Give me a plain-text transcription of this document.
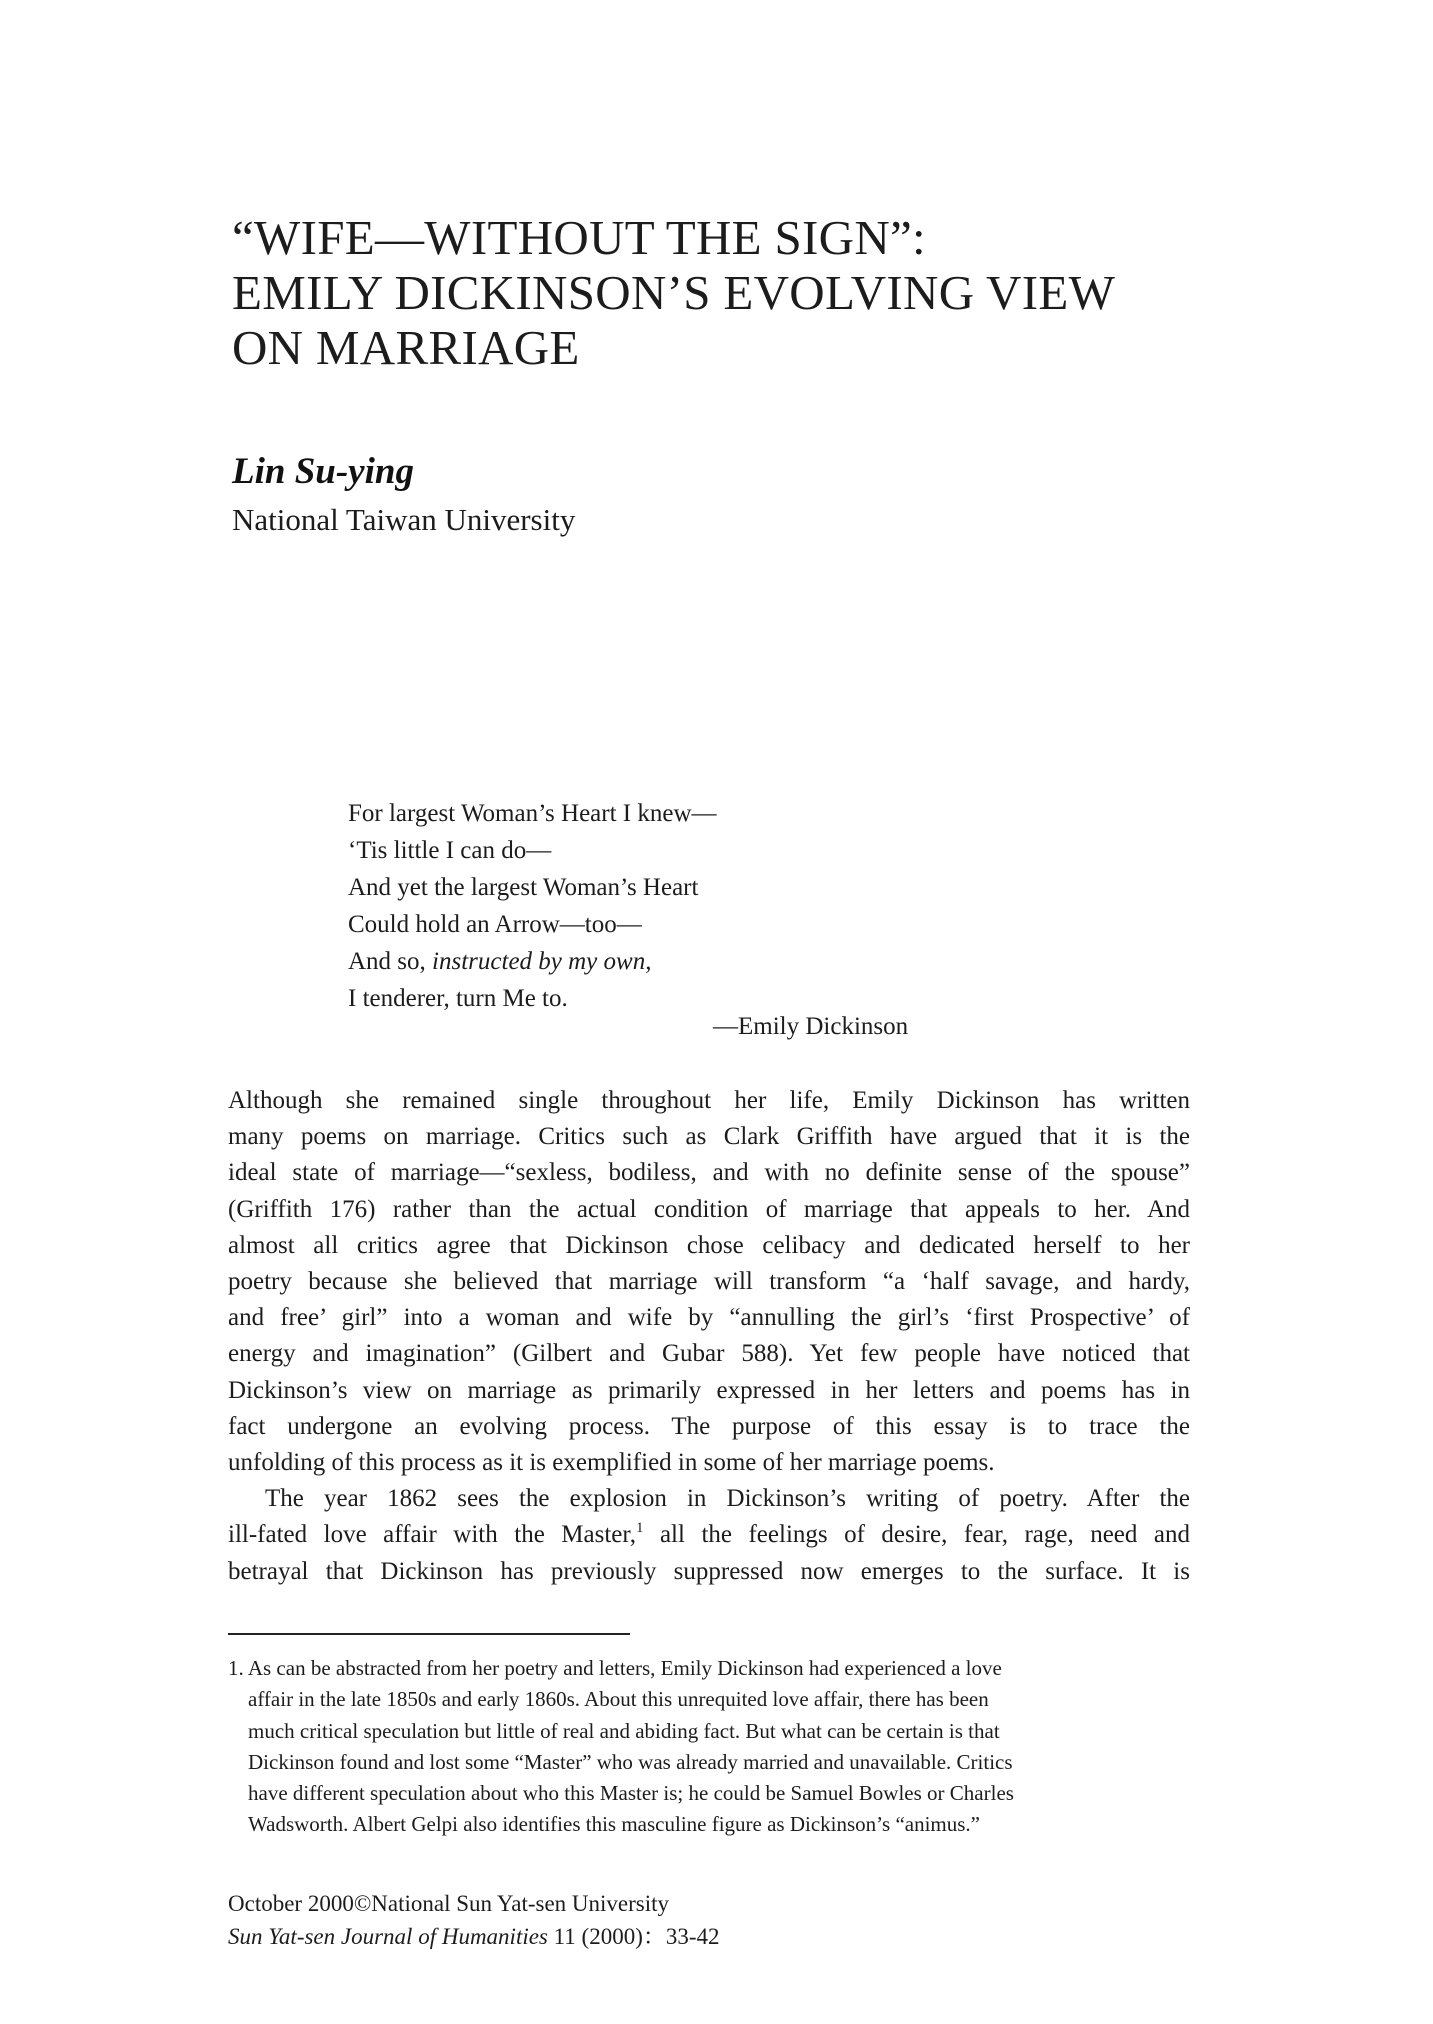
“WIFE—WITHOUT THE SIGN”:
EMILY DICKINSON’S EVOLVING VIEW
ON MARRIAGE
Lin Su-ying
National Taiwan University
For largest Woman’s Heart I knew—
‘Tis little I can do—
And yet the largest Woman’s Heart
Could hold an Arrow—too—
And so, instructed by my own,
I tenderer, turn Me to.
—Emily Dickinson
Although she remained single throughout her life, Emily Dickinson has written
many poems on marriage. Critics such as Clark Griffith have argued that it is the
ideal state of marriage—“sexless, bodiless, and with no definite sense of the spouse”
(Griffith 176) rather than the actual condition of marriage that appeals to her. And
almost all critics agree that Dickinson chose celibacy and dedicated herself to her
poetry because she believed that marriage will transform “a ‘half savage, and hardy,
and free’ girl” into a woman and wife by “annulling the girl’s ‘first Prospective’ of
energy and imagination” (Gilbert and Gubar 588). Yet few people have noticed that
Dickinson’s view on marriage as primarily expressed in her letters and poems has in
fact undergone an evolving process. The purpose of this essay is to trace the
unfolding of this process as it is exemplified in some of her marriage poems.
The year 1862 sees the explosion in Dickinson’s writing of poetry. After the
ill-fated love affair with the Master,$^1$ all the feelings of desire, fear, rage, need and
betrayal that Dickinson has previously suppressed now emerges to the surface. It is
1. As can be abstracted from her poetry and letters, Emily Dickinson had experienced a love
affair in the late 1850s and early 1860s. About this unrequited love affair, there has been
much critical speculation but little of real and abiding fact. But what can be certain is that
Dickinson found and lost some “Master” who was already married and unavailable. Critics
have different speculation about who this Master is; he could be Samuel Bowles or Charles
Wadsworth. Albert Gelpi also identifies this masculine figure as Dickinson’s “animus.”
October 2000©National Sun Yat-sen University
Sun Yat-sen Journal of Humanities 11 (2000)：33-42
